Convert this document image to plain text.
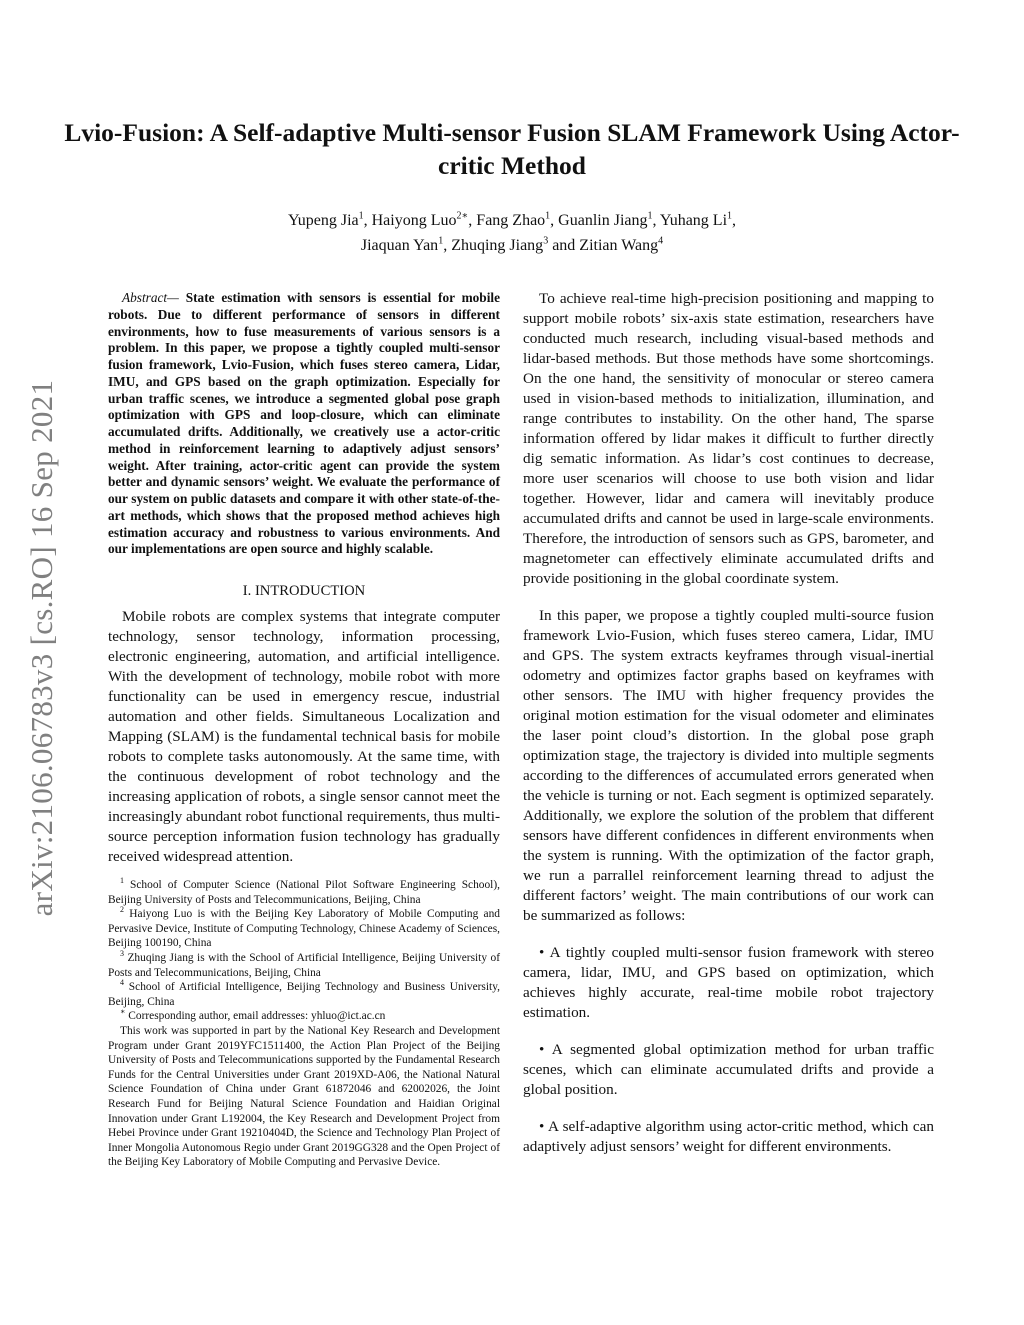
arXiv:2106.06783v3 [cs.RO] 16 Sep 2021
Lvio-Fusion: A Self-adaptive Multi-sensor Fusion SLAM Framework Using Actor-critic Method
Yupeng Jia$^1$, Haiyong Luo$^{2∗}$, Fang Zhao$^1$, Guanlin Jiang$^1$, Yuhang Li$^1$,
Jiaquan Yan$^1$, Zhuqing Jiang$^3$ and Zitian Wang$^4$
Abstract— State estimation with sensors is essential for mobile robots. Due to different performance of sensors in different environments, how to fuse measurements of various sensors is a problem. In this paper, we propose a tightly coupled multi-sensor fusion framework, Lvio-Fusion, which fuses stereo camera, Lidar, IMU, and GPS based on the graph optimization. Especially for urban traffic scenes, we introduce a segmented global pose graph optimization with GPS and loop-closure, which can eliminate accumulated drifts. Additionally, we creatively use a actor-critic method in reinforcement learning to adaptively adjust sensors’ weight. After training, actor-critic agent can provide the system better and dynamic sensors’ weight. We evaluate the performance of our system on public datasets and compare it with other state-of-the-art methods, which shows that the proposed method achieves high estimation accuracy and robustness to various environments. And our implementations are open source and highly scalable.
I. INTRODUCTION
Mobile robots are complex systems that integrate computer technology, sensor technology, information processing, electronic engineering, automation, and artificial intelligence. With the development of technology, mobile robot with more functionality can be used in emergency rescue, industrial automation and other fields. Simultaneous Localization and Mapping (SLAM) is the fundamental technical basis for mobile robots to complete tasks autonomously. At the same time, with the continuous development of robot technology and the increasing application of robots, a single sensor cannot meet the increasingly abundant robot functional requirements, thus multi-source perception information fusion technology has gradually received widespread attention.

$^1$ School of Computer Science (National Pilot Software Engineering School), Beijing University of Posts and Telecommunications, Beijing, China

$^2$ Haiyong Luo is with the Beijing Key Laboratory of Mobile Computing and Pervasive Device, Institute of Computing Technology, Chinese Academy of Sciences, Beijing 100190, China

$^3$ Zhuqing Jiang is with the School of Artificial Intelligence, Beijing University of Posts and Telecommunications, Beijing, China

$^4$ School of Artificial Intelligence, Beijing Technology and Business University, Beijing, China

∗ Corresponding author, email addresses: yhluo@ict.ac.cn

This work was supported in part by the National Key Research and Development Program under Grant 2019YFC1511400, the Action Plan Project of the Beijing University of Posts and Telecommunications supported by the Fundamental Research Funds for the Central Universities under Grant 2019XD-A06, the National Natural Science Foundation of China under Grant 61872046 and 62002026, the Joint Research Fund for Beijing Natural Science Foundation and Haidian Original Innovation under Grant L192004, the Key Research and Development Project from Hebei Province under Grant 19210404D, the Science and Technology Plan Project of Inner Mongolia Autonomous Regio under Grant 2019GG328 and the Open Project of the Beijing Key Laboratory of Mobile Computing and Pervasive Device.

To achieve real-time high-precision positioning and mapping to support mobile robots’ six-axis state estimation, researchers have conducted much research, including visual-based methods and lidar-based methods. But those methods have some shortcomings. On the one hand, the sensitivity of monocular or stereo camera used in vision-based methods to initialization, illumination, and range contributes to instability. On the other hand, The sparse information offered by lidar makes it difficult to further directly dig sematic information. As lidar’s cost continues to decrease, more user scenarios will choose to use both vision and lidar together. However, lidar and camera will inevitably produce accumulated drifts and cannot be used in large-scale environments. Therefore, the introduction of sensors such as GPS, barometer, and magnetometer can effectively eliminate accumulated drifts and provide positioning in the global coordinate system.

In this paper, we propose a tightly coupled multi-source fusion framework Lvio-Fusion, which fuses stereo camera, Lidar, IMU and GPS. The system extracts keyframes through visual-inertial odometry and optimizes factor graphs based on keyframes with other sensors. The IMU with higher frequency provides the original motion estimation for the visual odometer and eliminates the laser point cloud’s distortion. In the global pose graph optimization stage, the trajectory is divided into multiple segments according to the differences of accumulated errors generated when the vehicle is turning or not. Each segment is optimized separately. Additionally, we explore the solution of the problem that different sensors have different confidences in different environments when the system is running. With the optimization of the factor graph, we run a parrallel reinforcement learning thread to adjust the different factors’ weight. The main contributions of our work can be summarized as follows:

• A tightly coupled multi-sensor fusion framework with stereo camera, lidar, IMU, and GPS based on optimization, which achieves highly accurate, real-time mobile robot trajectory estimation.

• A segmented global optimization method for urban traffic scenes, which can eliminate accumulated drifts and provide a global position.

• A self-adaptive algorithm using actor-critic method, which can adaptively adjust sensors’ weight for different environments.
